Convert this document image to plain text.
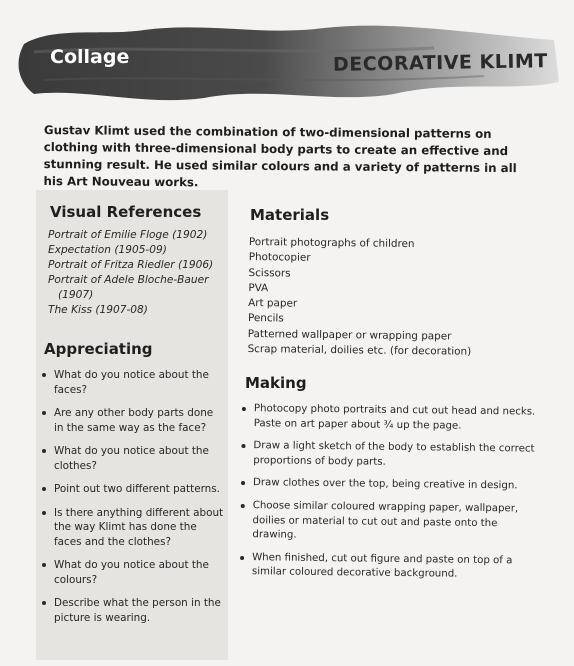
Collage	DECORATIVE KLIMT
Gustav Klimt used the combination of two-dimensional patterns on clothing with three-dimensional body parts to create an effective and stunning result. He used similar colours and a variety of patterns in all his Art Nouveau works.
Visual References
Portrait of Emilie Floge (1902)
Expectation (1905-09)
Portrait of Fritza Riedler (1906)
Portrait of Adele Bloche-Bauer
(1907)
The Kiss (1907-08)
Appreciating
What do you notice about the faces?
Are any other body parts done in the same way as the face?
What do you notice about the clothes?
Point out two different patterns.
Is there anything different about the way Klimt has done the faces and the clothes?
What do you notice about the colours?
Describe what the person in the picture is wearing.
Materials
Portrait photographs of children
Photocopier
Scissors
PVA
Art paper
Pencils
Patterned wallpaper or wrapping paper
Scrap material, doilies etc. (for decoration)
Making
Photocopy photo portraits and cut out head and necks. Paste on art paper about ¾ up the page.
Draw a light sketch of the body to establish the correct proportions of body parts.
Draw clothes over the top, being creative in design.
Choose similar coloured wrapping paper, wallpaper, doilies or material to cut out and paste onto the drawing.
When finished, cut out figure and paste on top of a similar coloured decorative background.
